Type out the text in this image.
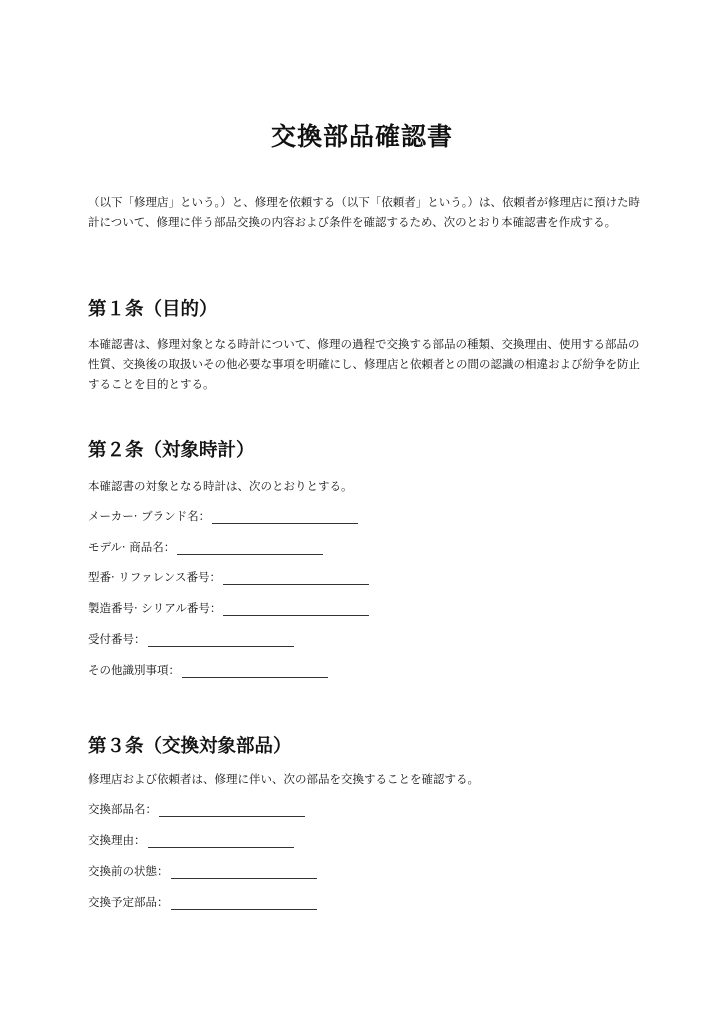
交換部品確認書

（以下「修理店」という。）と、修理を依頼する（以下「依頼者」という。）は、依頼者が修理店に預けた時計について、修理に伴う部品交換の内容および条件を確認するため、次のとおり本確認書を作成する。

第１条（目的）

本確認書は、修理対象となる時計について、修理の過程で交換する部品の種類、交換理由、使用する部品の性質、交換後の取扱いその他必要な事項を明確にし、修理店と依頼者との間の認識の相違および紛争を防止することを目的とする。

第２条（対象時計）

本確認書の対象となる時計は、次のとおりとする。

メーカー· ブランド名：
モデル· 商品名：
型番· リファレンス番号：
製造番号· シリアル番号：
受付番号：
その他識別事項：
第３条（交換対象部品）

修理店および依頼者は、修理に伴い、次の部品を交換することを確認する。

交換部品名：
交換理由：
交換前の状態：
交換予定部品：
